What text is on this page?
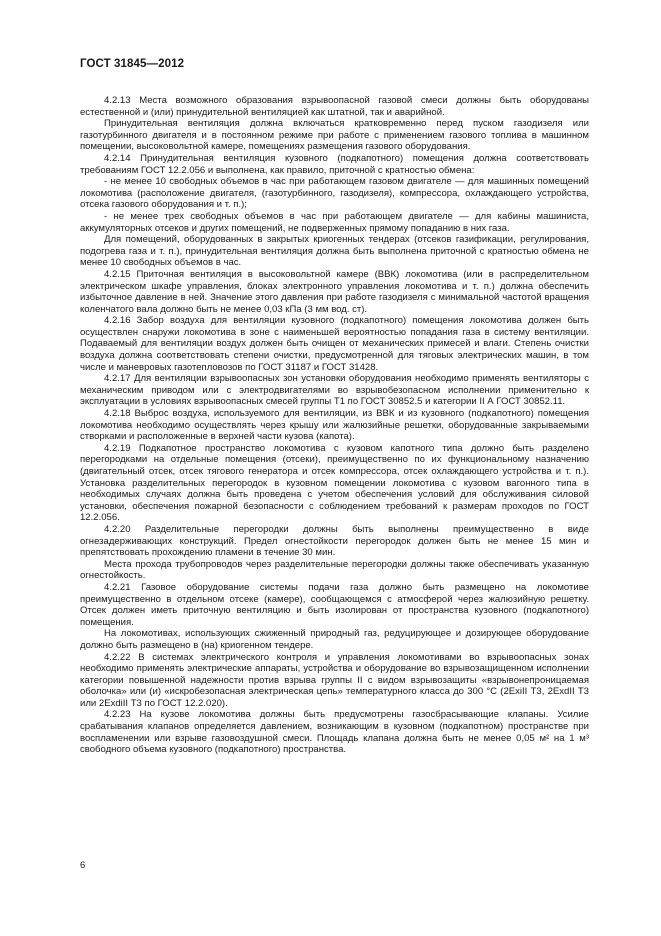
ГОСТ 31845—2012

4.2.13 Места возможного образования взрывоопасной газовой смеси должны быть оборудованы естественной и (или) принудительной вентиляцией как штатной, так и аварийной.

Принудительная вентиляция должна включаться кратковременно перед пуском газодизеля или газотурбинного двигателя и в постоянном режиме при работе с применением газового топлива в машинном помещении, высоковольтной камере, помещениях размещения газового оборудования.

4.2.14 Принудительная вентиляция кузовного (подкапотного) помещения должна соответствовать требованиям ГОСТ 12.2.056 и выполнена, как правило, приточной с кратностью обмена:

- не менее 10 свободных объемов в час при работающем газовом двигателе — для машинных помещений локомотива (расположение двигателя, (газотурбинного, газодизеля), компрессора, охлаждающего устройства, отсека газового оборудования и т. п.);

- не менее трех свободных объемов в час при работающем двигателе — для кабины машиниста, аккумуляторных отсеков и других помещений, не подверженных прямому попаданию в них газа.

Для помещений, оборудованных в закрытых криогенных тендерах (отсеков газификации, регулирования, подогрева газа и т. п.), принудительная вентиляция должна быть выполнена приточной с кратностью обмена не менее 10 свободных объемов в час.

4.2.15 Приточная вентиляция в высоковольтной камере (ВВК) локомотива (или в распределительном электрическом шкафе управления, блоках электронного управления локомотива и т. п.) должна обеспечить избыточное давление в ней. Значение этого давления при работе газодизеля с минимальной частотой вращения коленчатого вала должно быть не менее 0,03 кПа (3 мм вод. ст).

4.2.16 Забор воздуха для вентиляции кузовного (подкапотного) помещения локомотива должен быть осуществлен снаружи локомотива в зоне с наименьшей вероятностью попадания газа в систему вентиляции. Подаваемый для вентиляции воздух должен быть очищен от механических примесей и влаги. Степень очистки воздуха должна соответствовать степени очистки, предусмотренной для тяговых электрических машин, в том числе и маневровых газотепловозов по ГОСТ 31187 и ГОСТ 31428.

4.2.17 Для вентиляции взрывоопасных зон установки оборудования необходимо применять вентиляторы с механическим приводом или с электродвигателями во взрывобезопасном исполнении применительно к эксплуатации в условиях взрывоопасных смесей группы Т1 по ГОСТ 30852.5 и категории II А ГОСТ 30852.11.

4.2.18 Выброс воздуха, используемого для вентиляции, из ВВК и из кузовного (подкапотного) помещения локомотива необходимо осуществлять через крышу или жалюзийные решетки, оборудованные закрываемыми створками и расположенные в верхней части кузова (капота).

4.2.19 Подкапотное пространство локомотива с кузовом капотного типа должно быть разделено перегородками на отдельные помещения (отсеки), преимущественно по их функциональному назначению (двигательный отсек, отсек тягового генератора и отсек компрессора, отсек охлаждающего устройства и т. п.). Установка разделительных перегородок в кузовном помещении локомотива с кузовом вагонного типа в необходимых случаях должна быть проведена с учетом обеспечения условий для обслуживания силовой установки, обеспечения пожарной безопасности с соблюдением требований к размерам проходов по ГОСТ 12.2.056.

4.2.20 Разделительные перегородки должны быть выполнены преимущественно в виде огнезадерживающих конструкций. Предел огнестойкости перегородок должен быть не менее 15 мин и препятствовать прохождению пламени в течение 30 мин.

Места прохода трубопроводов через разделительные перегородки должны также обеспечивать указанную огнестойкость.

4.2.21 Газовое оборудование системы подачи газа должно быть размещено на локомотиве преимущественно в отдельном отсеке (камере), сообщающемся с атмосферой через жалюзийную решетку. Отсек должен иметь приточную вентиляцию и быть изолирован от пространства кузовного (подкапотного) помещения.

На локомотивах, использующих сжиженный природный газ, редуцирующее и дозирующее оборудование должно быть размещено в (на) криогенном тендере.

4.2.22 В системах электрического контроля и управления локомотивами во взрывоопасных зонах необходимо применять электрические аппараты, устройства и оборудование во взрывозащищенном исполнении категории повышенной надежности против взрыва группы II с видом взрывозащиты «взрывонепроницаемая оболочка» или (и) «искробезопасная электрическая цепь» температурного класса до 300 °С (2ExiII Т3, 2ExdII Т3 или 2ExdiII Т3 по ГОСТ 12.2.020).

4.2.23 На кузове локомотива должны быть предусмотрены газосбрасывающие клапаны. Усилие срабатывания клапанов определяется давлением, возникающим в кузовном (подкапотном) пространстве при воспламенении или взрыве газовоздушной смеси. Площадь клапана должна быть не менее 0,05 м² на 1 м³ свободного объема кузовного (подкапотного) пространства.

6
